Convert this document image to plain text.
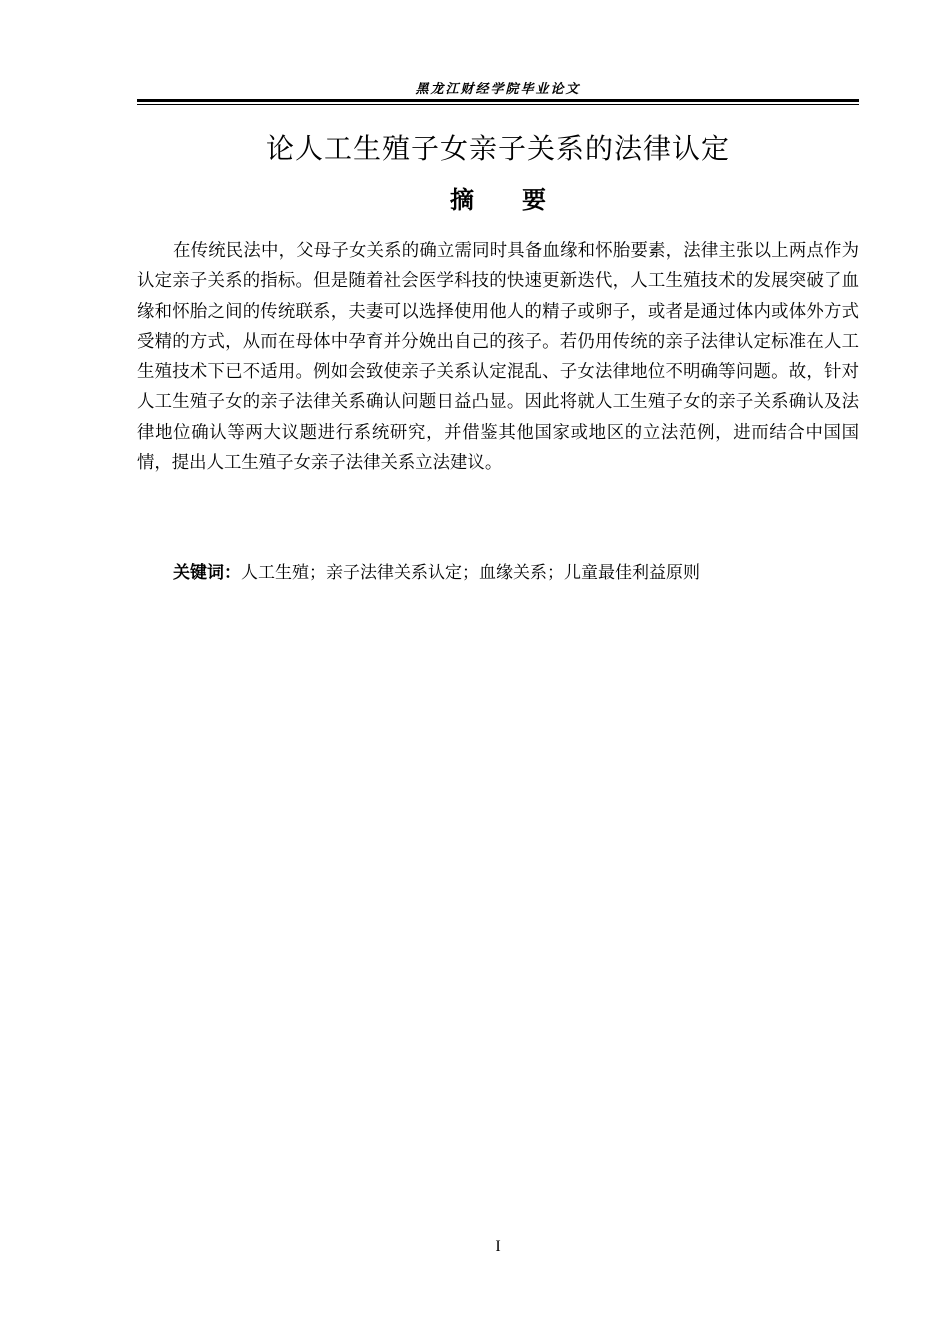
黑龙江财经学院毕业论文
论人工生殖子女亲子关系的法律认定
摘 要

在传统民法中，父母子女关系的确立需同时具备血缘和怀胎要素，法律主张以上两点作为认定亲子关系的指标。但是随着社会医学科技的快速更新迭代，人工生殖技术的发展突破了血缘和怀胎之间的传统联系，夫妻可以选择使用他人的精子或卵子，或者是通过体内或体外方式受精的方式，从而在母体中孕育并分娩出自己的孩子。若仍用传统的亲子法律认定标准在人工生殖技术下已不适用。例如会致使亲子关系认定混乱、子女法律地位不明确等问题。故，针对人工生殖子女的亲子法律关系确认问题日益凸显。因此将就人工生殖子女的亲子关系确认及法律地位确认等两大议题进行系统研究，并借鉴其他国家或地区的立法范例，进而结合中国国情，提出人工生殖子女亲子法律关系立法建议。

关键词：人工生殖；亲子法律关系认定；血缘关系；儿童最佳利益原则
I
